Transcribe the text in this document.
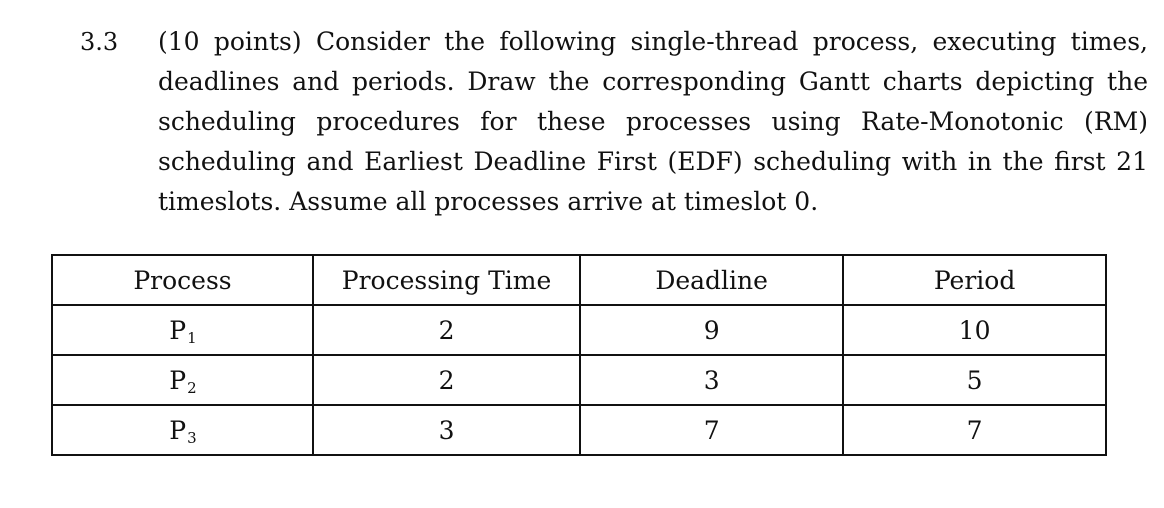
3.3 (10 points) Consider the following single-thread process, executing times, deadlines and periods. Draw the corresponding Gantt charts depicting the scheduling procedures for these processes using Rate-Monotonic (RM) scheduling and Earliest Deadline First (EDF) scheduling with in the first 21 timeslots. Assume all processes arrive at timeslot 0.
Process	Processing Time	Deadline	Period
P1	2	9	10
P2	2	3	5
P3	3	7	7
